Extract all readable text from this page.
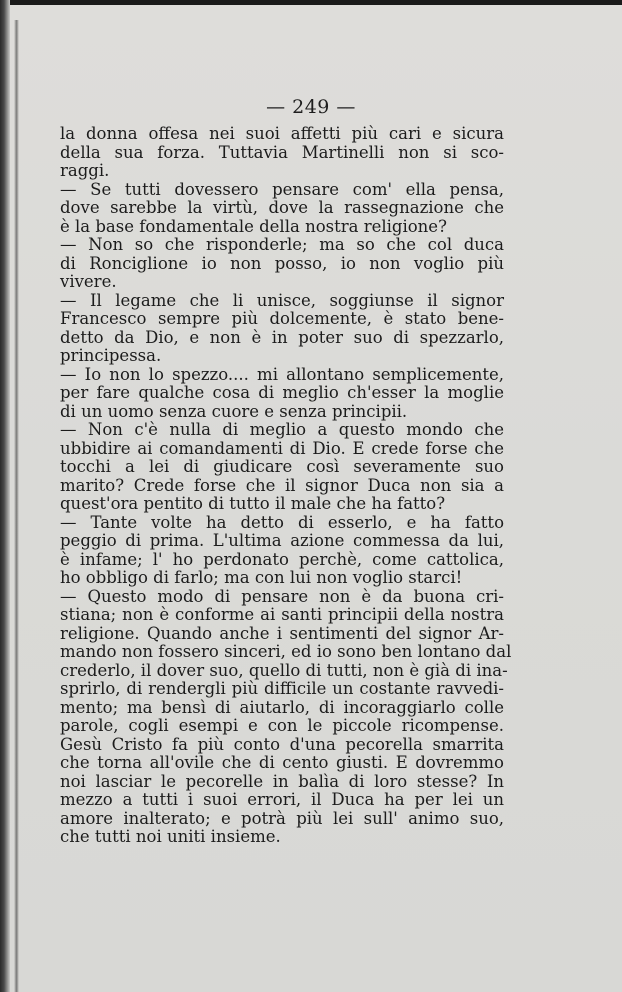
— 249 —
la donna offesa nei suoi affetti più cari e sicura
della sua forza. Tuttavia Martinelli non si sco-
raggi.
— Se tutti dovessero pensare com' ella pensa,
dove sarebbe la virtù, dove la rassegnazione che
è la base fondamentale della nostra religione?
— Non so che risponderle; ma so che col duca
di Ronciglione io non posso, io non voglio più
vivere.
— Il legame che li unisce, soggiunse il signor
Francesco sempre più dolcemente, è stato bene-
detto da Dio, e non è in poter suo di spezzarlo,
principessa.
— Io non lo spezzo.... mi allontano semplicemente,
per fare qualche cosa di meglio ch'esser la moglie
di un uomo senza cuore e senza principii.
— Non c'è nulla di meglio a questo mondo che
ubbidire ai comandamenti di Dio. E crede forse che
tocchi a lei di giudicare così severamente suo
marito? Crede forse che il signor Duca non sia a
quest'ora pentito di tutto il male che ha fatto?
— Tante volte ha detto di esserlo, e ha fatto
peggio di prima. L'ultima azione commessa da lui,
è infame; l' ho perdonato perchè, come cattolica,
ho obbligo di farlo; ma con lui non voglio starci!
— Questo modo di pensare non è da buona cri-
stiana; non è conforme ai santi principii della nostra
religione. Quando anche i sentimenti del signor Ar-
mando non fossero sinceri, ed io sono ben lontano dal
crederlo, il dover suo, quello di tutti, non è già di ina-
sprirlo, di rendergli più difficile un costante ravvedi-
mento; ma bensì di aiutarlo, di incoraggiarlo colle
parole, cogli esempi e con le piccole ricompense.
Gesù Cristo fa più conto d'una pecorella smarrita
che torna all'ovile che di cento giusti. E dovremmo
noi lasciar le pecorelle in balìa di loro stesse? In
mezzo a tutti i suoi errori, il Duca ha per lei un
amore inalterato; e potrà più lei sull' animo suo,
che tutti noi uniti insieme.
